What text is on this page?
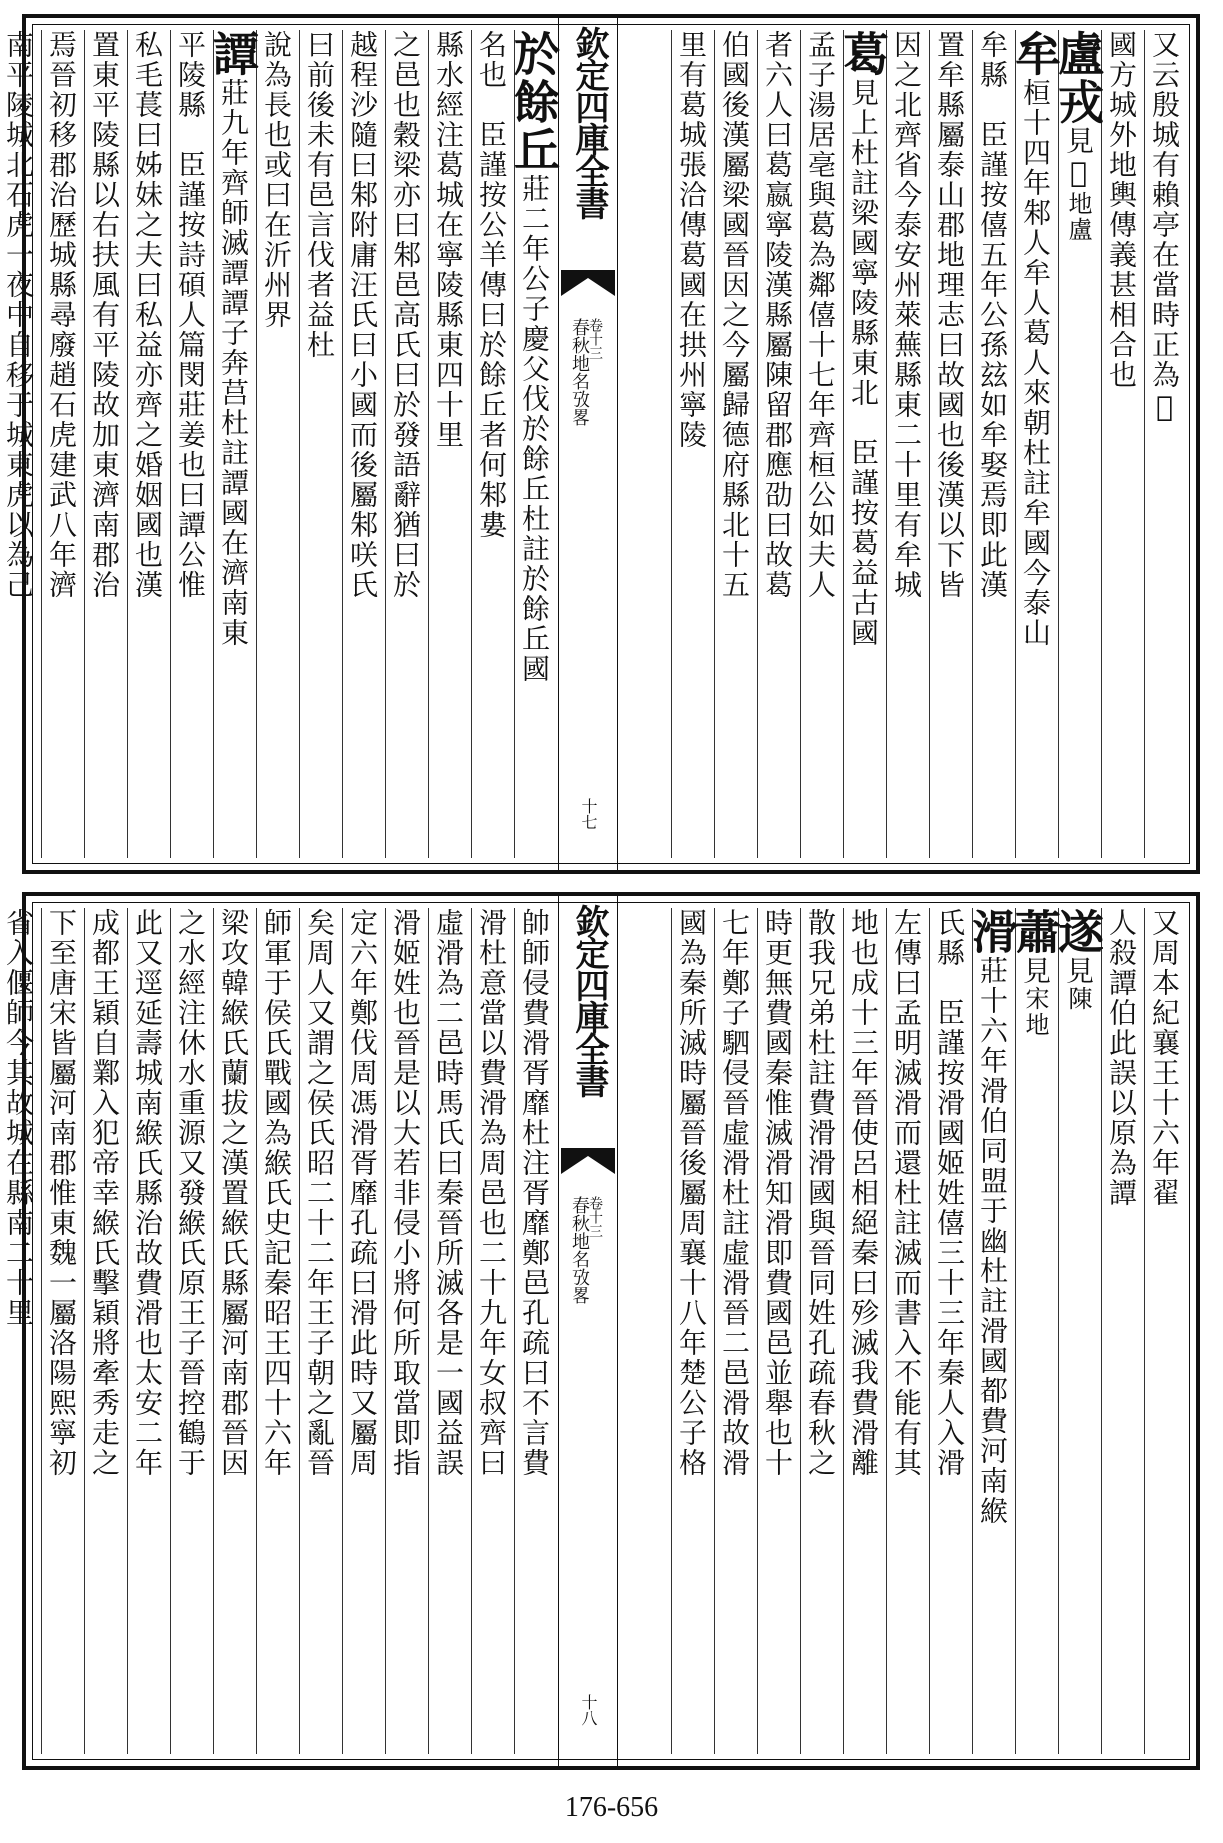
又云殷城有賴亭在當時正為𦵔
國方城外地輿傳義甚相合也
盧戎見𦵔地盧
牟桓十四年邾人牟人葛人來朝杜註牟國今泰山
牟縣　臣謹按僖五年公孫玆如牟娶焉即此漢
置牟縣屬泰山郡地理志曰故國也後漢以下皆
因之北齊省今泰安州萊蕪縣東二十里有牟城
葛見上杜註梁國寧陵縣東北　臣謹按葛益古國
孟子湯居亳與葛為鄰僖十七年齊桓公如夫人
者六人曰葛嬴寧陵漢縣屬陳留郡應劭曰故葛
伯國後漢屬梁國晉因之今屬歸德府縣北十五
里有葛城張洽傳葛國在拱州寧陵
欽定四庫全書
春秋地名攷畧
卷十三
十七
於餘丘莊二年公子慶父伐於餘丘杜註於餘丘國
名也　臣謹按公羊傳曰於餘丘者何邾婁
縣水經注葛城在寧陵縣東四十里
之邑也穀梁亦曰邾邑高氏曰於發語辭猶曰於
越程沙隨曰邾附庸汪氏曰小國而後屬邾咲氏
曰前後未有邑言伐者益杜
說為長也或曰在沂州界
譚莊九年齊師滅譚譚子奔莒杜註譚國在濟南東
平陵縣　臣謹按詩碩人篇閔莊姜也曰譚公惟
私毛萇曰姊妹之夫曰私益亦齊之婚姻國也漢
置東平陵縣以右扶風有平陵故加東濟南郡治
焉晉初移郡治歷城縣尋廢趙石虎建武八年濟
南平陵城北石虎一夜中自移于城東虎以為己
又周本紀襄王十六年翟
人殺譚伯此誤以原為譚
遂見陳
蕭見宋地
滑莊十六年滑伯同盟于幽杜註滑國都費河南緱
氏縣　臣謹按滑國姬姓僖三十三年秦人入滑
左傳曰孟明滅滑而還杜註滅而書入不能有其
地也成十三年晉使呂相絕秦曰殄滅我費滑離
散我兄弟杜註費滑滑國與晉同姓孔疏春秋之
時更無費國秦惟滅滑知滑即費國邑並舉也十
七年鄭子駟侵晉虛滑杜註虛滑晉二邑滑故滑
國為秦所滅時屬晉後屬周襄十八年楚公子格
欽定四庫全書
春秋地名攷畧
卷十三
十八
帥師侵費滑胥靡杜注胥靡鄭邑孔疏曰不言費
滑杜意當以費滑為周邑也二十九年女叔齊曰
虛滑為二邑時馬氏曰秦晉所滅各是一國益誤
滑姬姓也晉是以大若非侵小將何所取當即指
定六年鄭伐周馮滑胥靡孔疏曰滑此時又屬周
矣周人又謂之侯氏昭二十二年王子朝之亂晉
師軍于侯氏戰國為緱氏史記秦昭王四十六年
梁攻韓緱氏蘭拔之漢置緱氏縣屬河南郡晉因
之水經注休水重源又發緱氏原王子晉控鶴于
此又逕延壽城南緱氏縣治故費滑也太安二年
成都王穎自鄴入犯帝幸緱氏擊穎將牽秀走之
下至唐宋皆屬河南郡惟東魏一屬洛陽熙寧初
省入偃師今其故城在縣南二十里
176-656
